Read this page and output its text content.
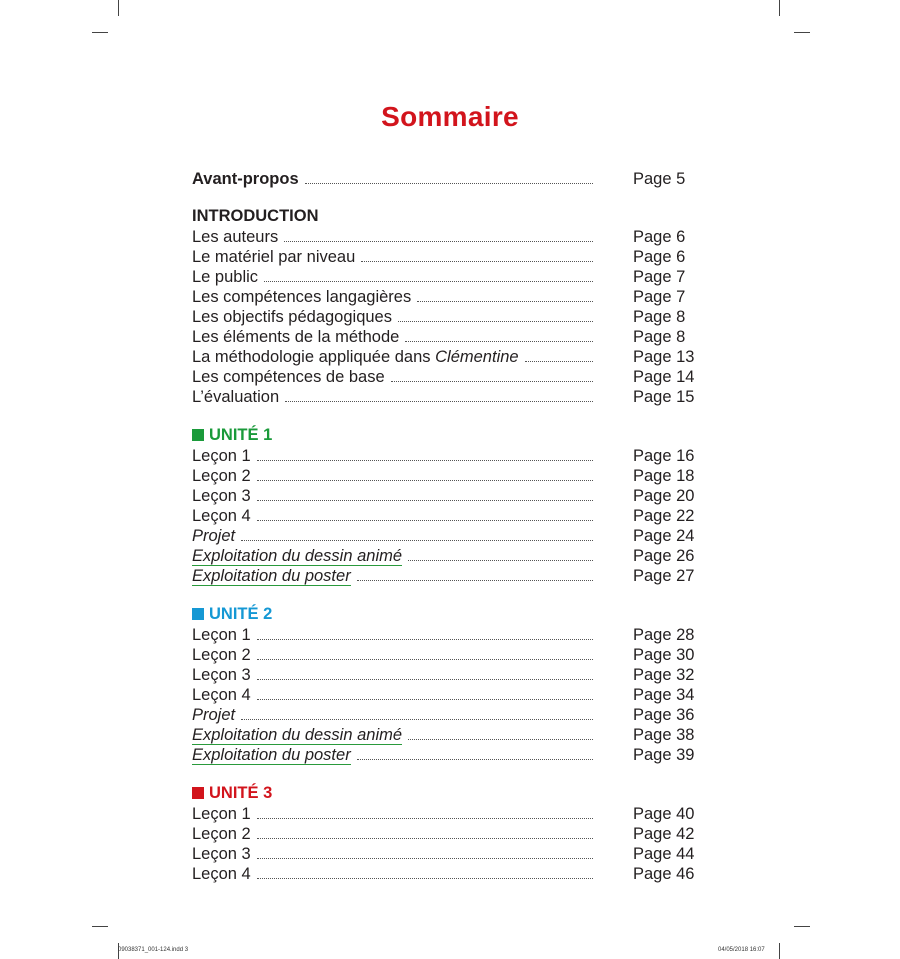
Sommaire
Avant-propos	Page 5
INTRODUCTION
Les auteurs	Page 6
Le matériel par niveau	Page 6
Le public	Page 7
Les compétences langagières	Page 7
Les objectifs pédagogiques	Page 8
Les éléments de la méthode	Page 8
La méthodologie appliquée dans Clémentine	Page 13
Les compétences de base	Page 14
L’évaluation	Page 15
UNITÉ 1
Leçon 1	Page 16
Leçon 2	Page 18
Leçon 3	Page 20
Leçon 4	Page 22
Projet	Page 24
Exploitation du dessin animé	Page 26
Exploitation du poster	Page 27
UNITÉ 2
Leçon 1	Page 28
Leçon 2	Page 30
Leçon 3	Page 32
Leçon 4	Page 34
Projet	Page 36
Exploitation du dessin animé	Page 38
Exploitation du poster	Page 39
UNITÉ 3
Leçon 1	Page 40
Leçon 2	Page 42
Leçon 3	Page 44
Leçon 4	Page 46
09038371_001-124.indd 3	04/05/2018 16:07
